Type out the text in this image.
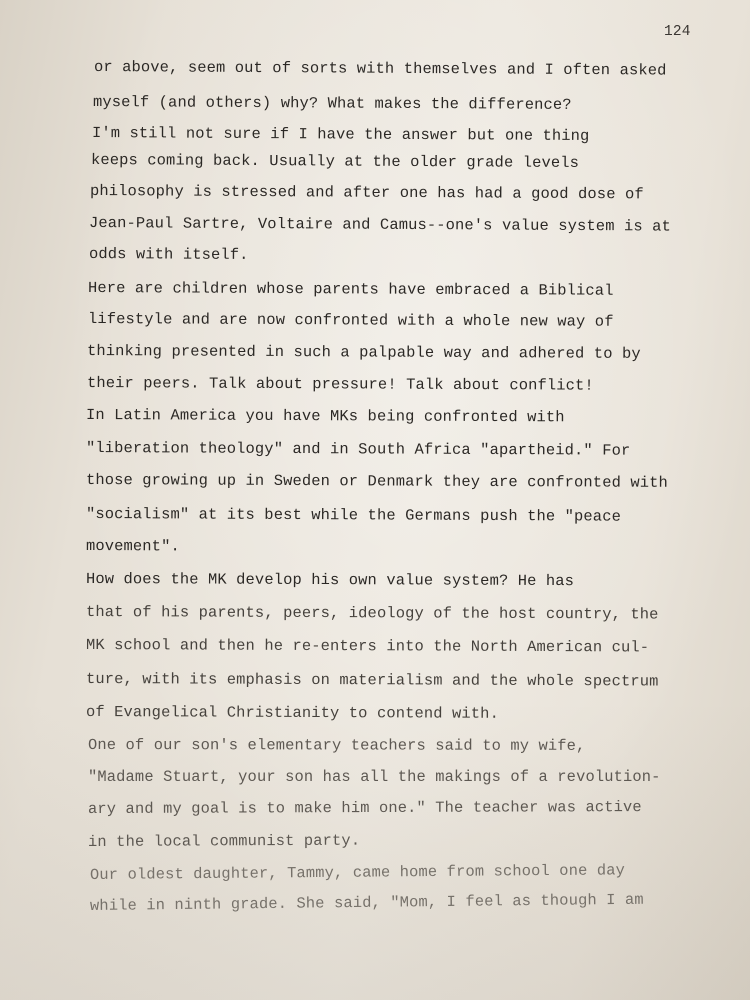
124
or above, seem out of sorts with themselves and I often asked
myself (and others) why? What makes the difference?
I'm still not sure if I have the answer but one thing
keeps coming back. Usually at the older grade levels
philosophy is stressed and after one has had a good dose of
Jean-Paul Sartre, Voltaire and Camus--one's value system is at
odds with itself.
Here are children whose parents have embraced a Biblical
lifestyle and are now confronted with a whole new way of
thinking presented in such a palpable way and adhered to by
their peers. Talk about pressure! Talk about conflict!
In Latin America you have MKs being confronted with
"liberation theology" and in South Africa "apartheid." For
those growing up in Sweden or Denmark they are confronted with
"socialism" at its best while the Germans push the "peace
movement".
How does the MK develop his own value system? He has
that of his parents, peers, ideology of the host country, the
MK school and then he re-enters into the North American cul-
ture, with its emphasis on materialism and the whole spectrum
of Evangelical Christianity to contend with.
One of our son's elementary teachers said to my wife,
"Madame Stuart, your son has all the makings of a revolution-
ary and my goal is to make him one." The teacher was active
in the local communist party.
Our oldest daughter, Tammy, came home from school one day
while in ninth grade. She said, "Mom, I feel as though I am
